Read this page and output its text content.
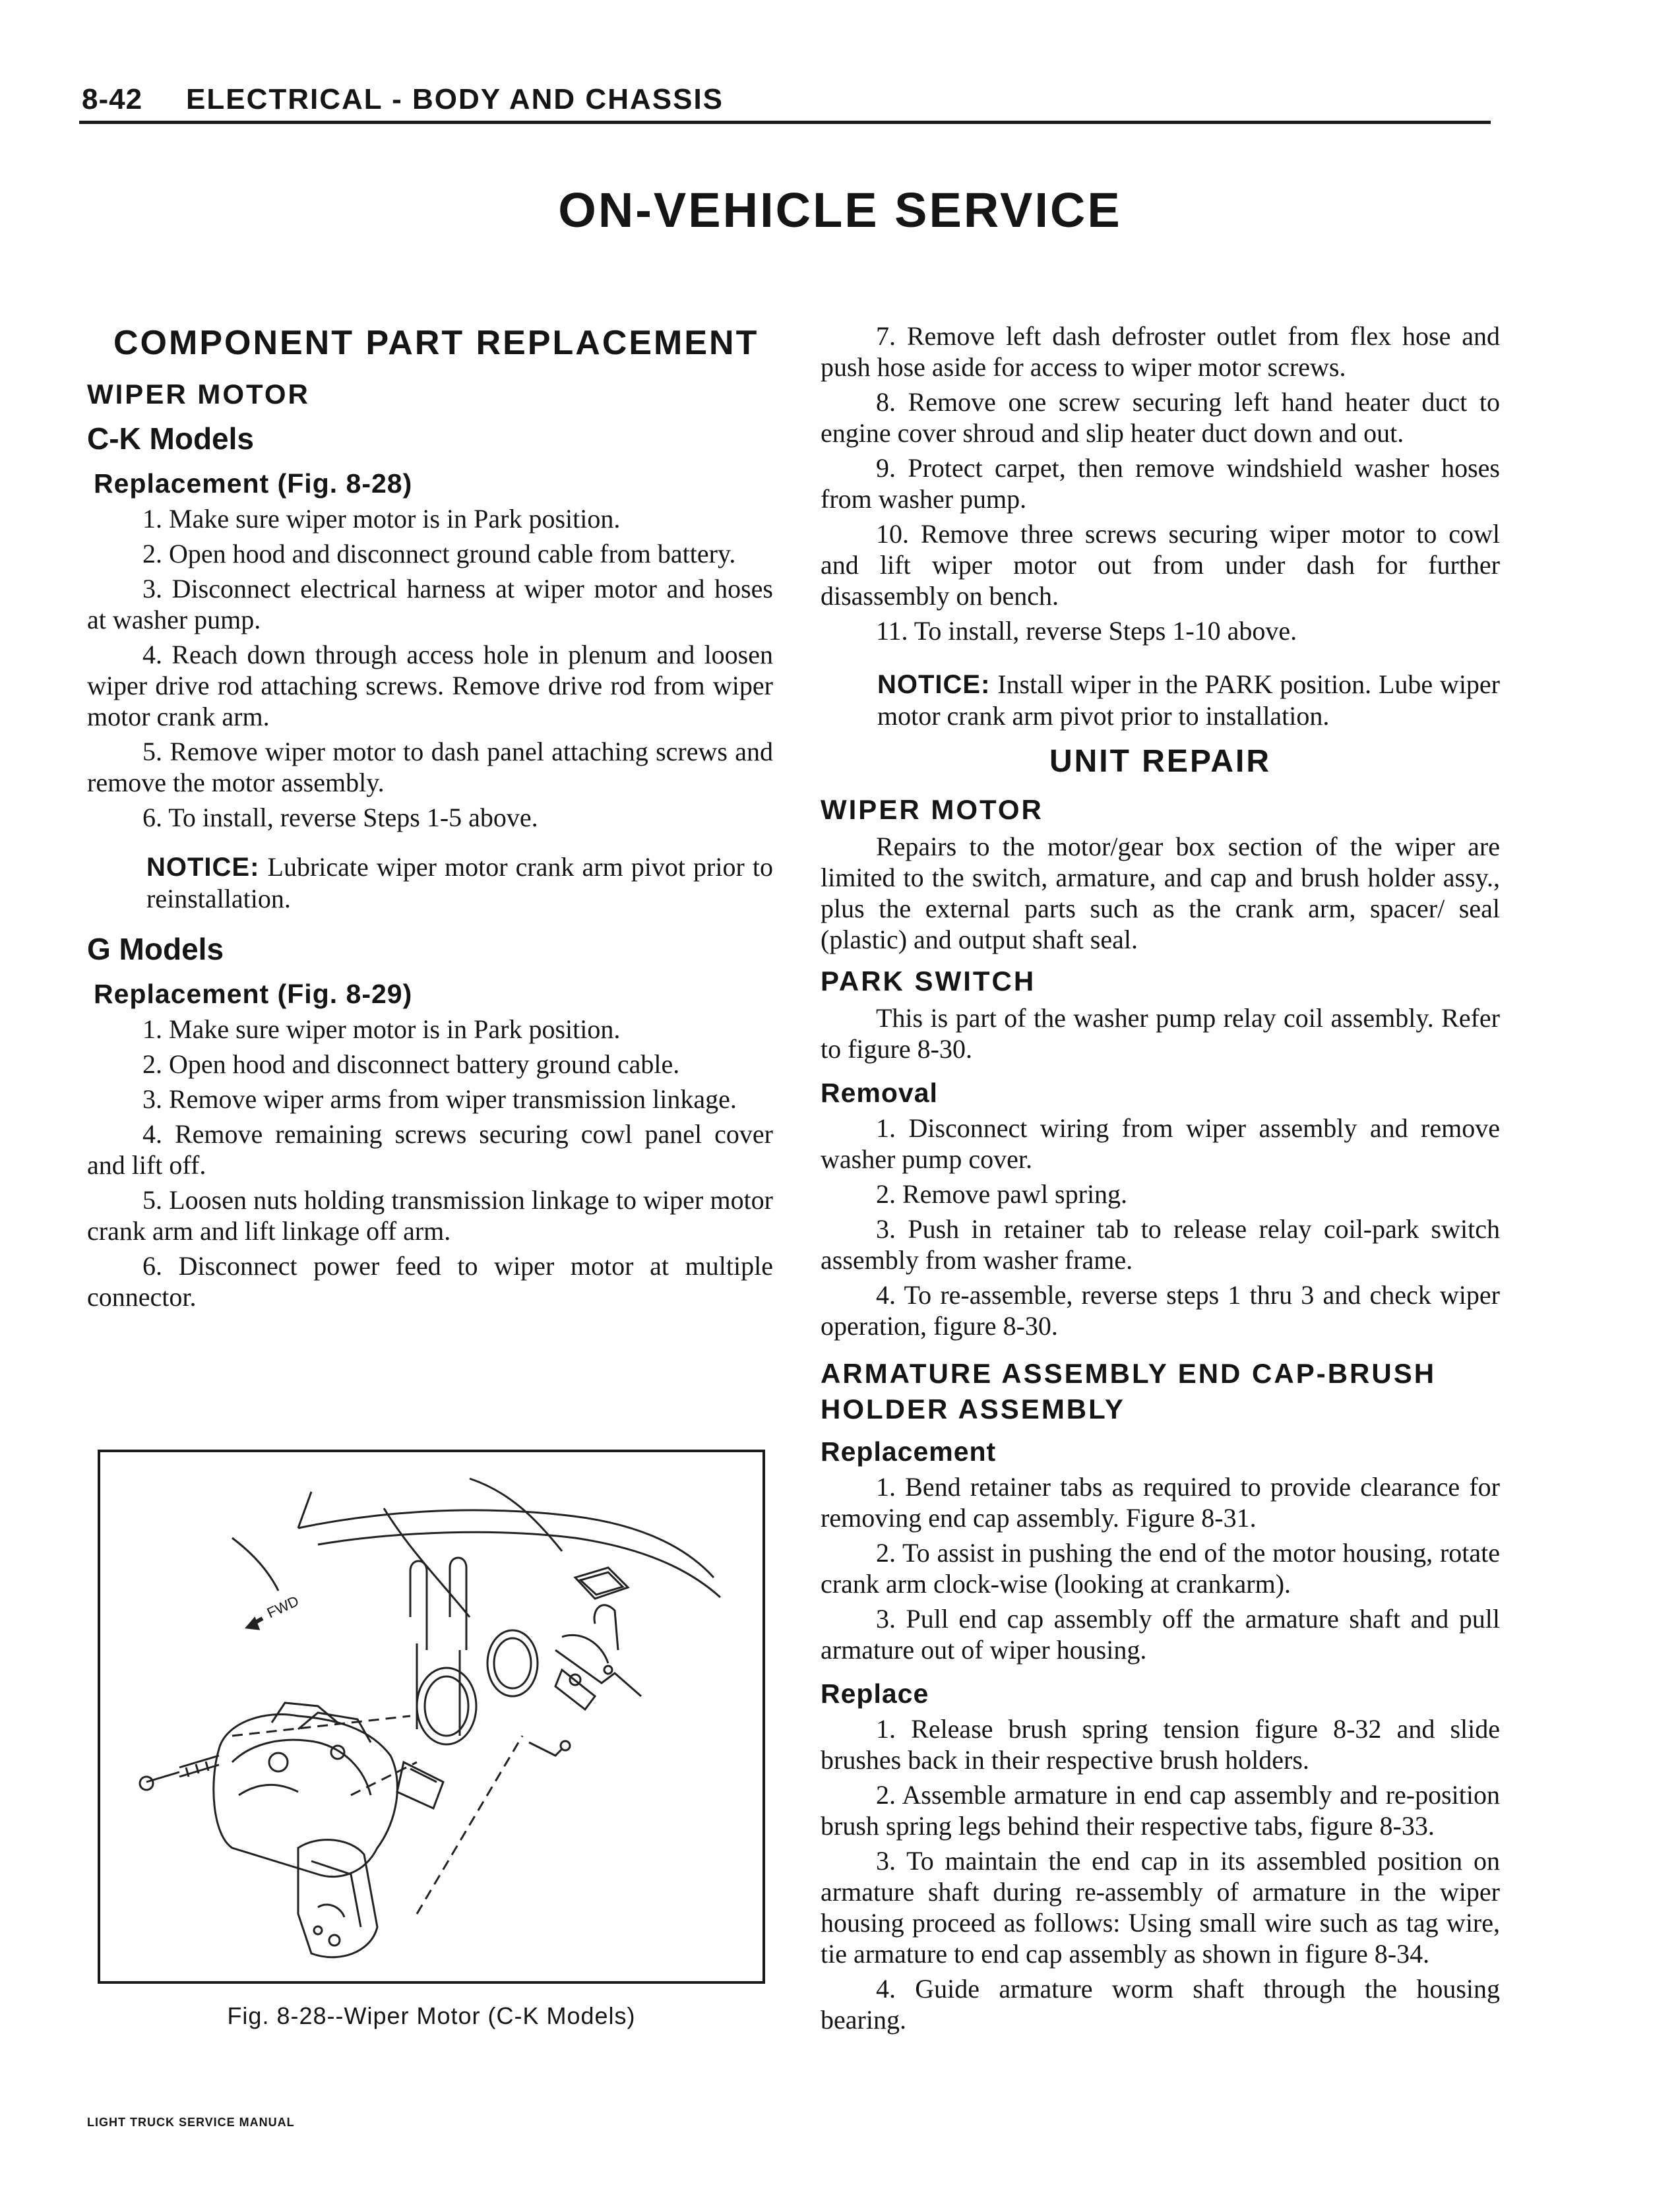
8-42 ELECTRICAL - BODY AND CHASSIS
ON-VEHICLE SERVICE
COMPONENT PART REPLACEMENT
WIPER MOTOR
C-K Models
Replacement (Fig. 8-28)

1. Make sure wiper motor is in Park position.

2. Open hood and disconnect ground cable from battery.

3. Disconnect electrical harness at wiper motor and hoses at washer pump.

4. Reach down through access hole in plenum and loosen wiper drive rod attaching screws. Remove drive rod from wiper motor crank arm.

5. Remove wiper motor to dash panel attaching screws and remove the motor assembly.

6. To install, reverse Steps 1-5 above.

NOTICE: Lubricate wiper motor crank arm pivot prior to reinstallation.
G Models
Replacement (Fig. 8-29)

1. Make sure wiper motor is in Park position.

2. Open hood and disconnect battery ground cable.

3. Remove wiper arms from wiper transmission linkage.

4. Remove remaining screws securing cowl panel cover and lift off.

5. Loosen nuts holding transmission linkage to wiper motor crank arm and lift linkage off arm.

6. Disconnect power feed to wiper motor at multiple connector.

FWD
Fig. 8-28--Wiper Motor (C-K Models)

7. Remove left dash defroster outlet from flex hose and push hose aside for access to wiper motor screws.

8. Remove one screw securing left hand heater duct to engine cover shroud and slip heater duct down and out.

9. Protect carpet, then remove windshield washer hoses from washer pump.

10. Remove three screws securing wiper motor to cowl and lift wiper motor out from under dash for further disassembly on bench.

11. To install, reverse Steps 1-10 above.

NOTICE: Install wiper in the PARK position. Lube wiper motor crank arm pivot prior to installation.
UNIT REPAIR
WIPER MOTOR

Repairs to the motor/gear box section of the wiper are limited to the switch, armature, and cap and brush holder assy., plus the external parts such as the crank arm, spacer/ seal (plastic) and output shaft seal.

PARK SWITCH

This is part of the washer pump relay coil assembly. Refer to figure 8-30.

Removal

1. Disconnect wiring from wiper assembly and remove washer pump cover.

2. Remove pawl spring.

3. Push in retainer tab to release relay coil-park switch assembly from washer frame.

4. To re-assemble, reverse steps 1 thru 3 and check wiper operation, figure 8-30.

ARMATURE ASSEMBLY END CAP-BRUSH HOLDER ASSEMBLY
Replacement

1. Bend retainer tabs as required to provide clearance for removing end cap assembly. Figure 8-31.

2. To assist in pushing the end of the motor housing, rotate crank arm clock-wise (looking at crankarm).

3. Pull end cap assembly off the armature shaft and pull armature out of wiper housing.

Replace

1. Release brush spring tension figure 8-32 and slide brushes back in their respective brush holders.

2. Assemble armature in end cap assembly and re-position brush spring legs behind their respective tabs, figure 8-33.

3. To maintain the end cap in its assembled position on armature shaft during re-assembly of armature in the wiper housing proceed as follows: Using small wire such as tag wire, tie armature to end cap assembly as shown in figure 8-34.

4. Guide armature worm shaft through the housing bearing.

LIGHT TRUCK SERVICE MANUAL
